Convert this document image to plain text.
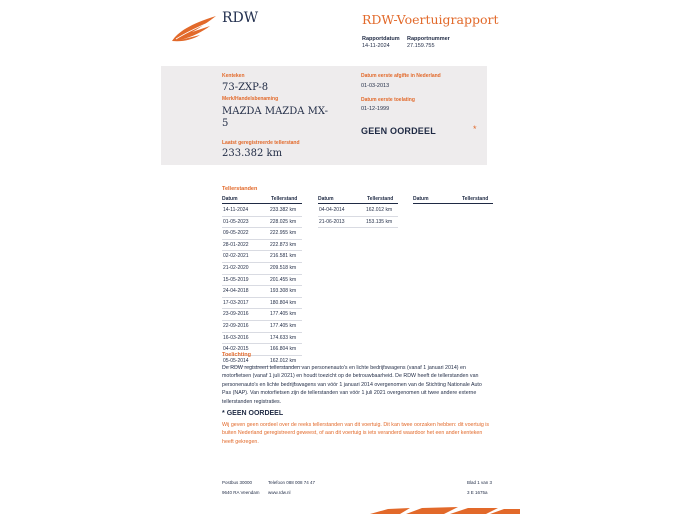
RDW	RDW-Voertuigrapport
Rapportdatum
14-11-2024
Rapportnummer
27.159.755
Kenteken
73-ZXP-8
Merk/Handelsbenaming
MAZDA MAZDA MX-
5
Laatst geregistreerde tellerstand
233.382 km
Datum eerste afgifte in Nederland
01-03-2013
Datum eerste toelating
01-12-1999
GEEN OORDEEL	*
Tellerstanden
Datum	Tellerstand	Datum	Tellerstand	Datum	Tellerstand
14-11-2024	233.382 km
01-05-2023	228.025 km
09-05-2022	222.955 km
28-01-2022	222.873 km
02-02-2021	216.581 km
21-02-2020	209.518 km
15-05-2019	201.455 km
24-04-2018	193.308 km
17-03-2017	180.804 km
23-09-2016	177.405 km
22-09-2016	177.405 km
16-03-2016	174.633 km
04-02-2015	166.804 km
05-05-2014	162.012 km
04-04-2014	162.012 km
21-06-2013	153.135 km
Toelichting
De RDW registreert tellerstanden van personenauto's en lichte bedrijfswagens (vanaf 1 januari 2014) en motorfietsen (vanaf 1 juli 2021) en houdt toezicht op de betrouwbaarheid. De RDW heeft de tellerstanden van personenauto's en lichte bedrijfswagens van vóór 1 januari 2014 overgenomen van de Stichting Nationale Auto Pas (NAP). Van motorfietsen zijn de tellerstanden van vóór 1 juli 2021 overgenomen uit twee andere externe tellerstanden registraties.
* GEEN OORDEEL
Wij geven geen oordeel over de reeks tellerstanden van dit voertuig. Dit kan twee oorzaken hebben: dit voertuig is buiten Nederland geregistreerd geweest, of aan dit voertuig is iets veranderd waardoor het een ander kenteken heeft gekregen.
Postbus 30000
9640 RA Veendam
Telefoon 088 008 74 47
www.rdw.nl
Blad 1 van 3
3 E 1675a
